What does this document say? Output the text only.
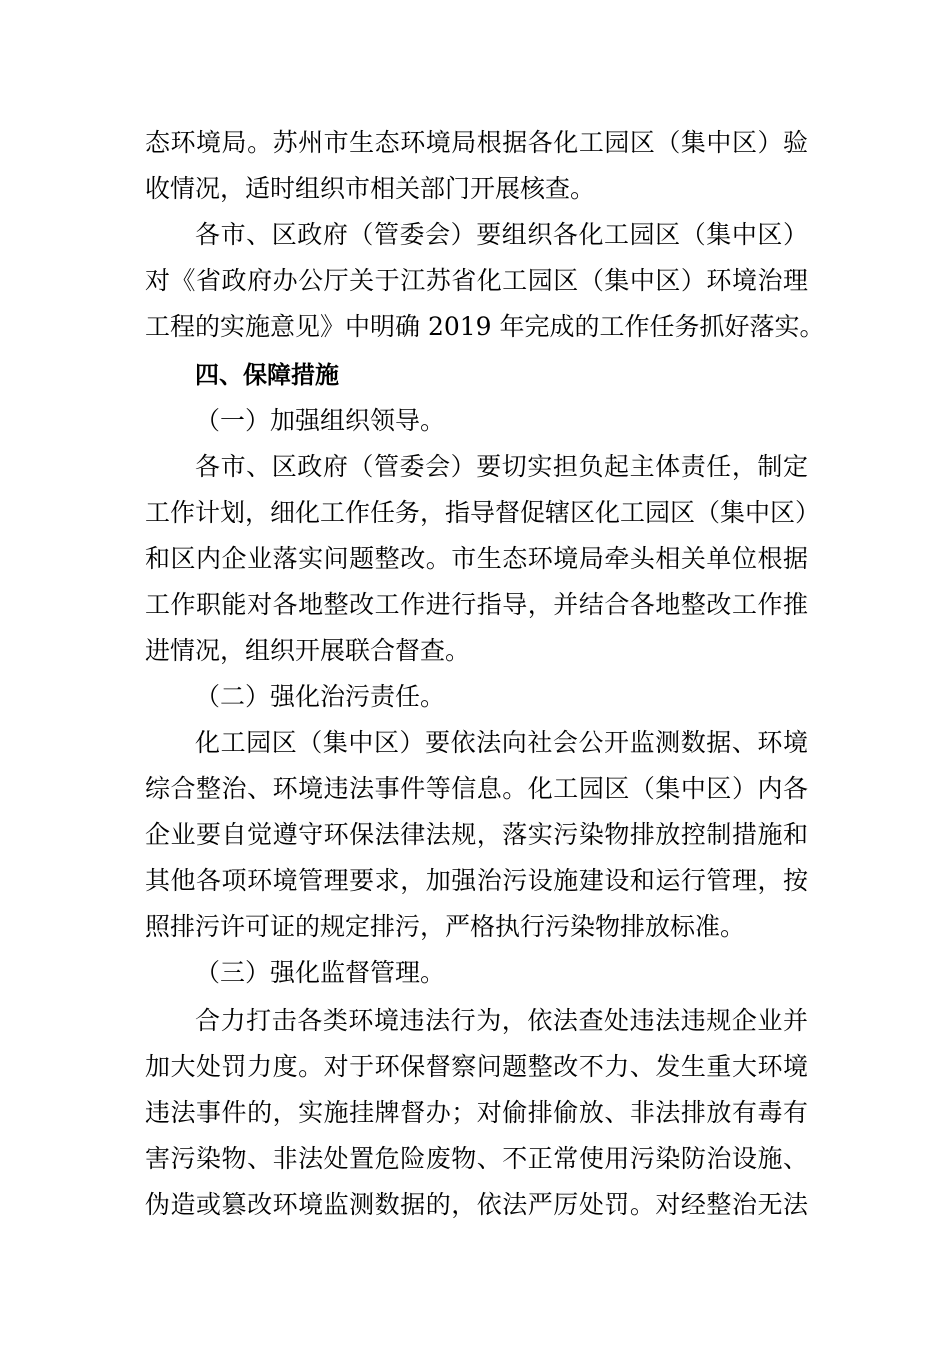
态环境局。苏州市生态环境局根据各化工园区（集中区）验
收情况，适时组织市相关部门开展核查。
各市、区政府（管委会）要组织各化工园区（集中区）
对《省政府办公厅关于江苏省化工园区（集中区）环境治理
工程的实施意见》中明确 2019 年完成的工作任务抓好落实。
四、保障措施
（一）加强组织领导。
各市、区政府（管委会）要切实担负起主体责任，制定
工作计划，细化工作任务，指导督促辖区化工园区（集中区）
和区内企业落实问题整改。市生态环境局牵头相关单位根据
工作职能对各地整改工作进行指导，并结合各地整改工作推
进情况，组织开展联合督查。
（二）强化治污责任。
化工园区（集中区）要依法向社会公开监测数据、环境
综合整治、环境违法事件等信息。化工园区（集中区）内各
企业要自觉遵守环保法律法规，落实污染物排放控制措施和
其他各项环境管理要求，加强治污设施建设和运行管理，按
照排污许可证的规定排污，严格执行污染物排放标准。
（三）强化监督管理。
合力打击各类环境违法行为，依法查处违法违规企业并
加大处罚力度。对于环保督察问题整改不力、发生重大环境
违法事件的，实施挂牌督办；对偷排偷放、非法排放有毒有
害污染物、非法处置危险废物、不正常使用污染防治设施、
伪造或篡改环境监测数据的，依法严厉处罚。对经整治无法
